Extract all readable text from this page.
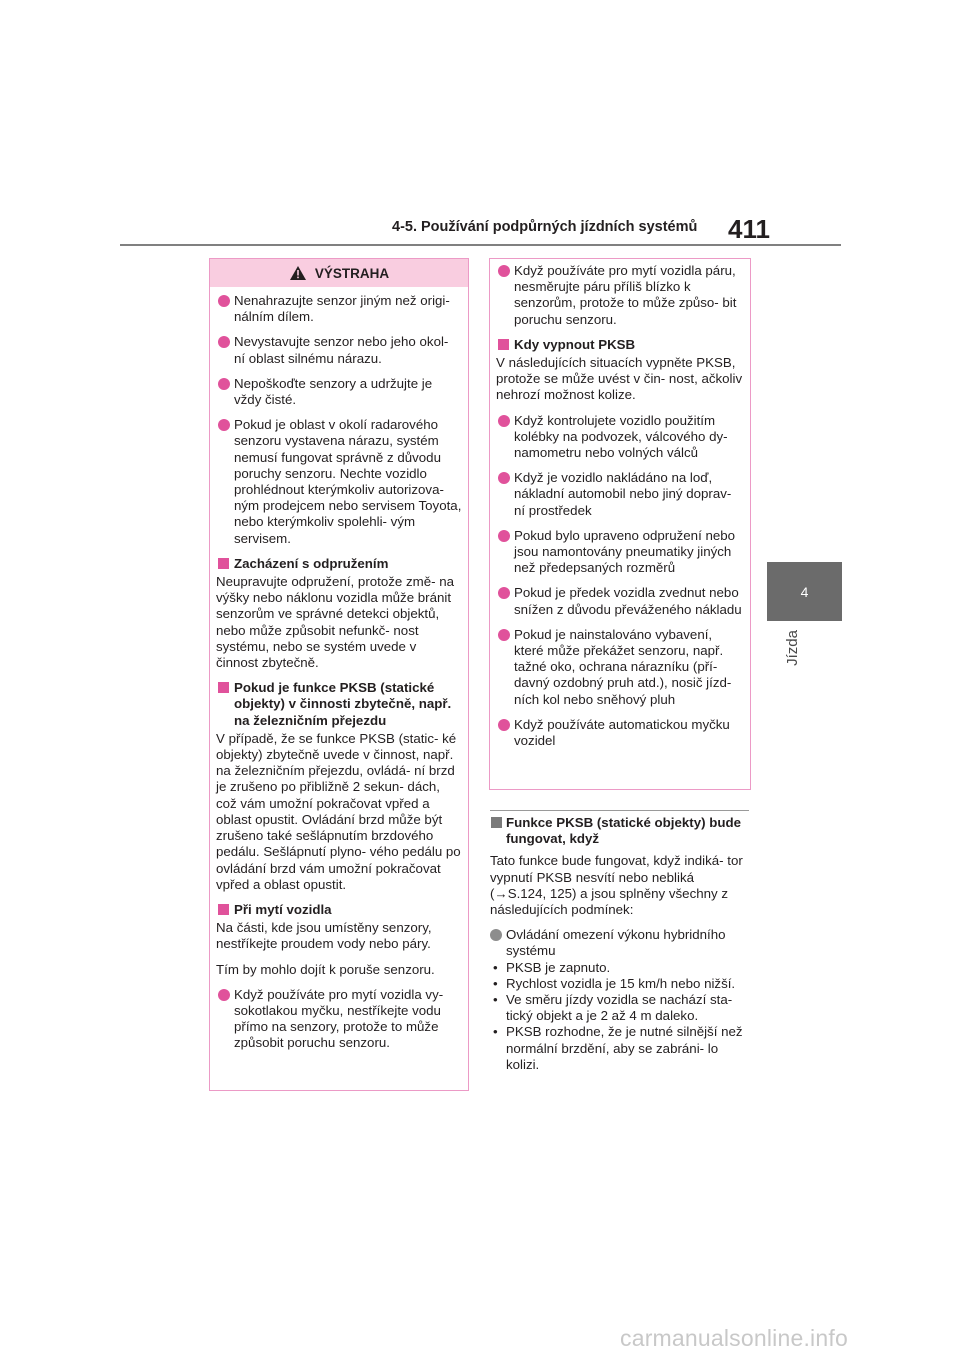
4-5. Používání podpůrných jízdních systémů 411
4
Jízda
VÝSTRAHA
Nenahrazujte senzor jiným než origi- nálním dílem.
Nevystavujte senzor nebo jeho okol- ní oblast silnému nárazu.
Nepoškoďte senzory a udržujte je vždy čisté.
Pokud je oblast v okolí radarového senzoru vystavena nárazu, systém nemusí fungovat správně z důvodu poruchy senzoru. Nechte vozidlo prohlédnout kterýmkoliv autorizova- ným prodejcem nebo servisem Toyota, nebo kterýmkoliv spolehli- vým servisem.
Zacházení s odpružením
Neupravujte odpružení, protože změ- na výšky nebo náklonu vozidla může bránit senzorům ve správné detekci objektů, nebo může způsobit nefunkč- nost systému, nebo se systém uvede v činnost zbytečně.
Pokud je funkce PKSB (statické objekty) v činnosti zbytečně, např. na železničním přejezdu
V případě, že se funkce PKSB (static- ké objekty) zbytečně uvede v činnost, např. na železničním přejezdu, ovládá- ní brzd je zrušeno po přibližně 2 sekun- dách, což vám umožní pokračovat vpřed a oblast opustit. Ovládání brzd může být zrušeno také sešlápnutím brzdového pedálu. Sešlápnutí plyno- vého pedálu po ovládání brzd vám umožní pokračovat vpřed a oblast opustit.
Při mytí vozidla
Na části, kde jsou umístěny senzory, nestříkejte proudem vody nebo páry.
Tím by mohlo dojít k poruše senzoru.
Když používáte pro mytí vozidla vy- sokotlakou myčku, nestříkejte vodu přímo na senzory, protože to může způsobit poruchu senzoru.
Když používáte pro mytí vozidla páru, nesměrujte páru příliš blízko k senzorům, protože to může způso- bit poruchu senzoru.
Kdy vypnout PKSB
V následujících situacích vypněte PKSB, protože se může uvést v čin- nost, ačkoliv nehrozí možnost kolize.
Když kontrolujete vozidlo použitím kolébky na podvozek, válcového dy- namometru nebo volných válců
Když je vozidlo nakládáno na loď, nákladní automobil nebo jiný doprav- ní prostředek
Pokud bylo upraveno odpružení nebo jsou namontovány pneumatiky jiných než předepsaných rozměrů
Pokud je předek vozidla zvednut nebo snížen z důvodu převáženého nákladu
Pokud je nainstalováno vybavení, které může překážet senzoru, např. tažné oko, ochrana nárazníku (pří- davný ozdobný pruh atd.), nosič jízd- ních kol nebo sněhový pluh
Když používáte automatickou myčku vozidel
Funkce PKSB (statické objekty) bude fungovat, když
Tato funkce bude fungovat, když indiká- tor vypnutí PKSB nesvítí nebo nebliká (→S.124, 125) a jsou splněny všechny z následujících podmínek:
Ovládání omezení výkonu hybridního systému
• PKSB je zapnuto.
• Rychlost vozidla je 15 km/h nebo nižší.
• Ve směru jízdy vozidla se nachází sta- tický objekt a je 2 až 4 m daleko.
• PKSB rozhodne, že je nutné silnější než normální brzdění, aby se zabráni- lo kolizi.
carmanualsonline.info
